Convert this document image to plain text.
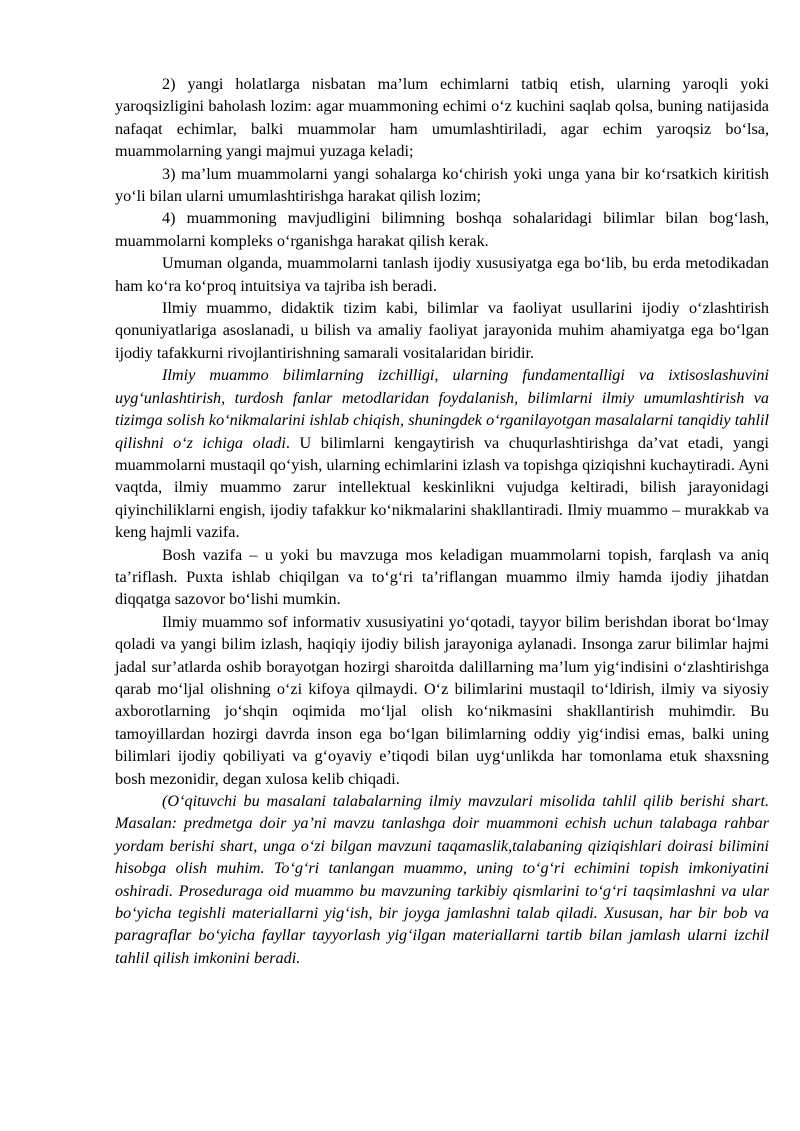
2) yangi holatlarga nisbatan ma’lum echimlarni tatbiq etish, ularning yaroqli yoki yaroqsizligini baholash lozim: agar muammoning echimi o‘z kuchini saqlab qolsa, buning natijasida nafaqat echimlar, balki muammolar ham umumlashtiriladi, agar echim yaroqsiz bo‘lsa, muammolarning yangi majmui yuzaga keladi;

3) ma’lum muammolarni yangi sohalarga ko‘chirish yoki unga yana bir ko‘rsatkich kiritish yo‘li bilan ularni umumlashtirishga harakat qilish lozim;

4) muammoning mavjudligini bilimning boshqa sohalaridagi bilimlar bilan bog‘lash, muammolarni kompleks o‘rganishga harakat qilish kerak.

Umuman olganda, muammolarni tanlash ijodiy xususiyatga ega bo‘lib, bu erda metodikadan ham ko‘ra ko‘proq intuitsiya va tajriba ish beradi.

Ilmiy muammo, didaktik tizim kabi, bilimlar va faoliyat usullarini ijodiy o‘zlashtirish qonuniyatlariga asoslanadi, u bilish va amaliy faoliyat jarayonida muhim ahamiyatga ega bo‘lgan ijodiy tafakkurni rivojlantirishning samarali vositalaridan biridir.

Ilmiy muammo bilimlarning izchilligi, ularning fundamentalligi va ixtisoslashuvini uyg‘unlashtirish, turdosh fanlar metodlaridan foydalanish, bilimlarni ilmiy umumlashtirish va tizimga solish ko‘nikmalarini ishlab chiqish, shuningdek o‘rganilayotgan masalalarni tanqidiy tahlil qilishni o‘z ichiga oladi. U bilimlarni kengaytirish va chuqurlashtirishga da’vat etadi, yangi muammolarni mustaqil qo‘yish, ularning echimlarini izlash va topishga qiziqishni kuchaytiradi. Ayni vaqtda, ilmiy muammo zarur intellektual keskinlikni vujudga keltiradi, bilish jarayonidagi qiyinchiliklarni engish, ijodiy tafakkur ko‘nikmalarini shakllantiradi. Ilmiy muammo – murakkab va keng hajmli vazifa.

Bosh vazifa – u yoki bu mavzuga mos keladigan muammolarni topish, farqlash va aniq ta’riflash. Puxta ishlab chiqilgan va to‘g‘ri ta’riflangan muammo ilmiy hamda ijodiy jihatdan diqqatga sazovor bo‘lishi mumkin.

Ilmiy muammo sof informativ xususiyatini yo‘qotadi, tayyor bilim berishdan iborat bo‘lmay qoladi va yangi bilim izlash, haqiqiy ijodiy bilish jarayoniga aylanadi. Insonga zarur bilimlar hajmi jadal sur’atlarda oshib borayotgan hozirgi sharoitda dalillarning ma’lum yig‘indisini o‘zlashtirishga qarab mo‘ljal olishning o‘zi kifoya qilmaydi. O‘z bilimlarini mustaqil to‘ldirish, ilmiy va siyosiy axborotlarning jo‘shqin oqimida mo‘ljal olish ko‘nikmasini shakllantirish muhimdir. Bu tamoyillardan hozirgi davrda inson ega bo‘lgan bilimlarning oddiy yig‘indisi emas, balki uning bilimlari ijodiy qobiliyati va g‘oyaviy e’tiqodi bilan uyg‘unlikda har tomonlama etuk shaxsning bosh mezonidir, degan xulosa kelib chiqadi.

(O‘qituvchi bu masalani talabalarning ilmiy mavzulari misolida tahlil qilib berishi shart. Masalan: predmetga doir ya’ni mavzu tanlashga doir muammoni echish uchun talabaga rahbar yordam berishi shart, unga o‘zi bilgan mavzuni taqamaslik,talabaning qiziqishlari doirasi bilimini hisobga olish muhim. To‘g‘ri tanlangan muammo, uning to‘g‘ri echimini topish imkoniyatini oshiradi. Proseduraga oid muammo bu mavzuning tarkibiy qismlarini to‘g‘ri taqsimlashni va ular bo‘yicha tegishli materiallarni yig‘ish, bir joyga jamlashni talab qiladi. Xususan, har bir bob va paragraflar bo‘yicha fayllar tayyorlash yig‘ilgan materiallarni tartib bilan jamlash ularni izchil tahlil qilish imkonini beradi.
